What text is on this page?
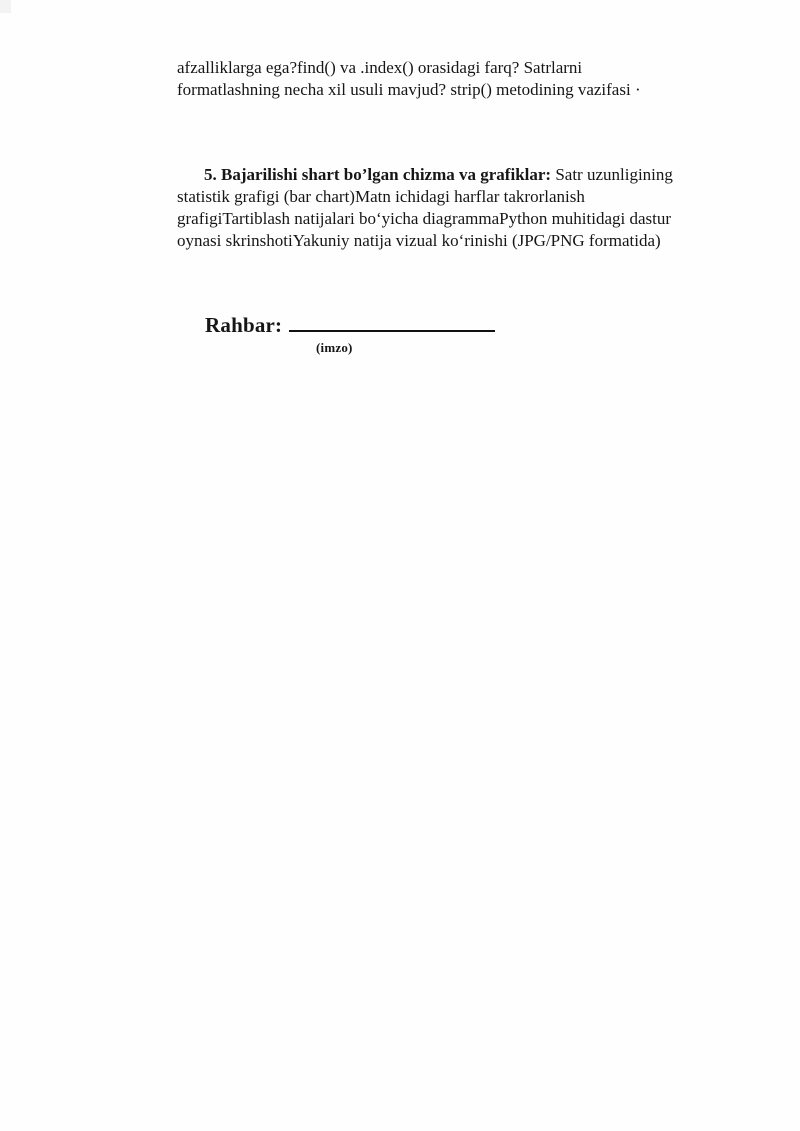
afzalliklarga ega?find() va .index() orasidagi farq? Satrlarni
formatlashning necha xil usuli mavjud? strip() metodining vazifasi ·
5. Bajarilishi shart bo’lgan chizma va grafiklar: Satr uzunligining
statistik grafigi (bar chart)Matn ichidagi harflar takrorlanish
grafigiTartiblash natijalari bo‘yicha diagrammaPython muhitidagi dastur
oynasi skrinshotiYakuniy natija vizual ko‘rinishi (JPG/PNG formatida)
Rahbar:
(imzo)
